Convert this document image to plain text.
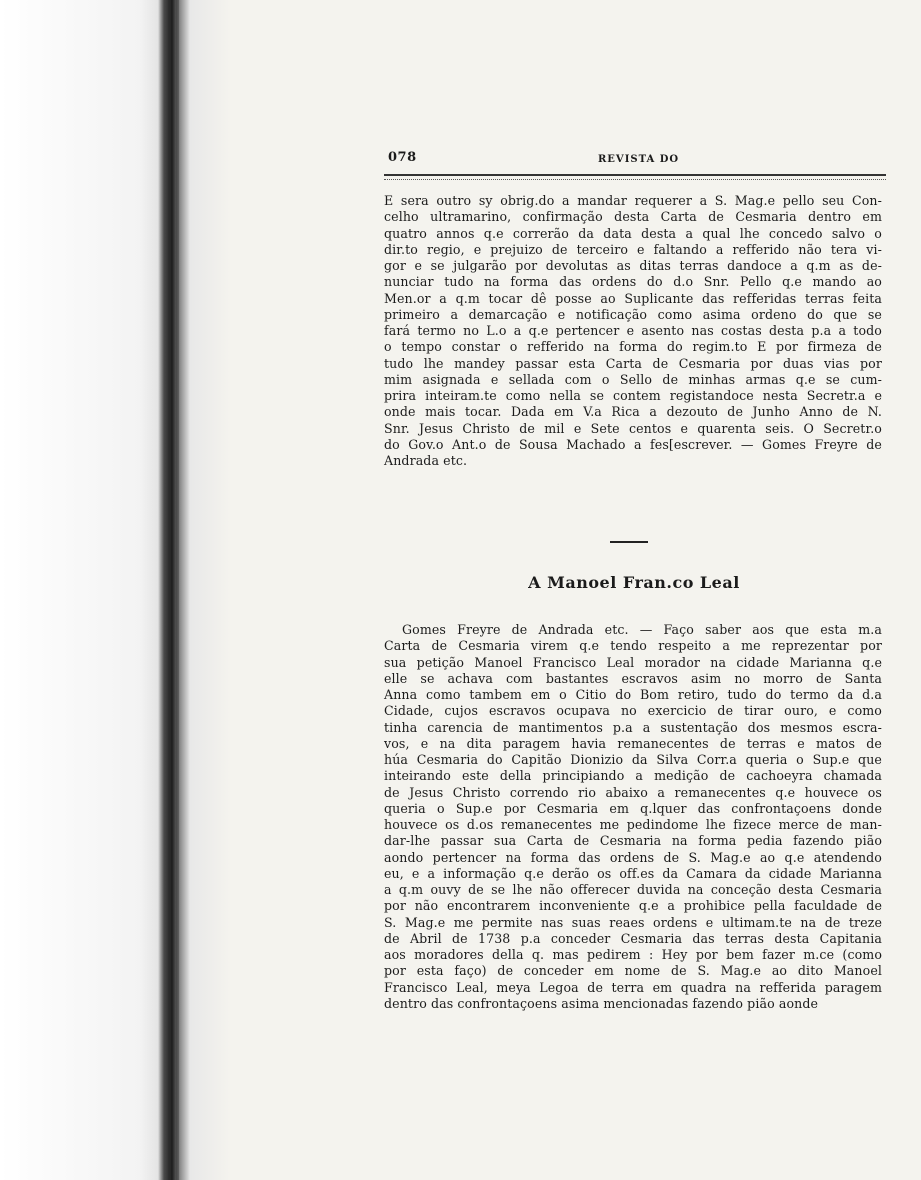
078	REVISTA DO
E sera outro sy obrig.do a mandar requerer a S. Mag.e pello seu Con-
celho ultramarino, confirmação desta Carta de Cesmaria dentro em
quatro annos q.e correrão da data desta a qual lhe concedo salvo o
dir.to regio, e prejuizo de terceiro e faltando a refferido não tera vi-
gor e se julgarão por devolutas as ditas terras dandoce a q.m as de-
nunciar tudo na forma das ordens do d.o Snr. Pello q.e mando ao
Men.or a q.m tocar dê posse ao Suplicante das refferidas terras feita
primeiro a demarcação e notificação como asima ordeno do que se
fará termo no L.o a q.e pertencer e asento nas costas desta p.a a todo
o tempo constar o refferido na forma do regim.to E por firmeza de
tudo lhe mandey passar esta Carta de Cesmaria por duas vias por
mim asignada e sellada com o Sello de minhas armas q.e se cum-
prira inteiram.te como nella se contem registandoce nesta Secretr.a e
onde mais tocar. Dada em V.a Rica a dezouto de Junho Anno de N.
Snr. Jesus Christo de mil e Sete centos e quarenta seis. O Secretr.o
do Gov.o Ant.o de Sousa Machado a fes[escrever. — Gomes Freyre de
Andrada etc.
A Manoel Fran.co Leal
Gomes Freyre de Andrada etc. — Faço saber aos que esta m.a
Carta de Cesmaria virem q.e tendo respeito a me reprezentar por
sua petição Manoel Francisco Leal morador na cidade Marianna q.e
elle se achava com bastantes escravos asim no morro de Santa
Anna como tambem em o Citio do Bom retiro, tudo do termo da d.a
Cidade, cujos escravos ocupava no exercicio de tirar ouro, e como
tinha carencia de mantimentos p.a a sustentação dos mesmos escra-
vos, e na dita paragem havia remanecentes de terras e matos de
húa Cesmaria do Capitão Dionizio da Silva Corr.a queria o Sup.e que
inteirando este della principiando a medição de cachoeyra chamada
de Jesus Christo correndo rio abaixo a remanecentes q.e houvece os
queria o Sup.e por Cesmaria em q.lquer das confrontaçoens donde
houvece os d.os remanecentes me pedindome lhe fizece merce de man-
dar-lhe passar sua Carta de Cesmaria na forma pedia fazendo pião
aondo pertencer na forma das ordens de S. Mag.e ao q.e atendendo
eu, e a informação q.e derão os off.es da Camara da cidade Marianna
a q.m ouvy de se lhe não offerecer duvida na conceção desta Cesmaria
por não encontrarem inconveniente q.e a prohibice pella faculdade de
S. Mag.e me permite nas suas reaes ordens e ultimam.te na de treze
de Abril de 1738 p.a conceder Cesmaria das terras desta Capitania
aos moradores della q. mas pedirem : Hey por bem fazer m.ce (como
por esta faço) de conceder em nome de S. Mag.e ao dito Manoel
Francisco Leal, meya Legoa de terra em quadra na refferida paragem
dentro das confrontaçoens asima mencionadas fazendo pião aonde
